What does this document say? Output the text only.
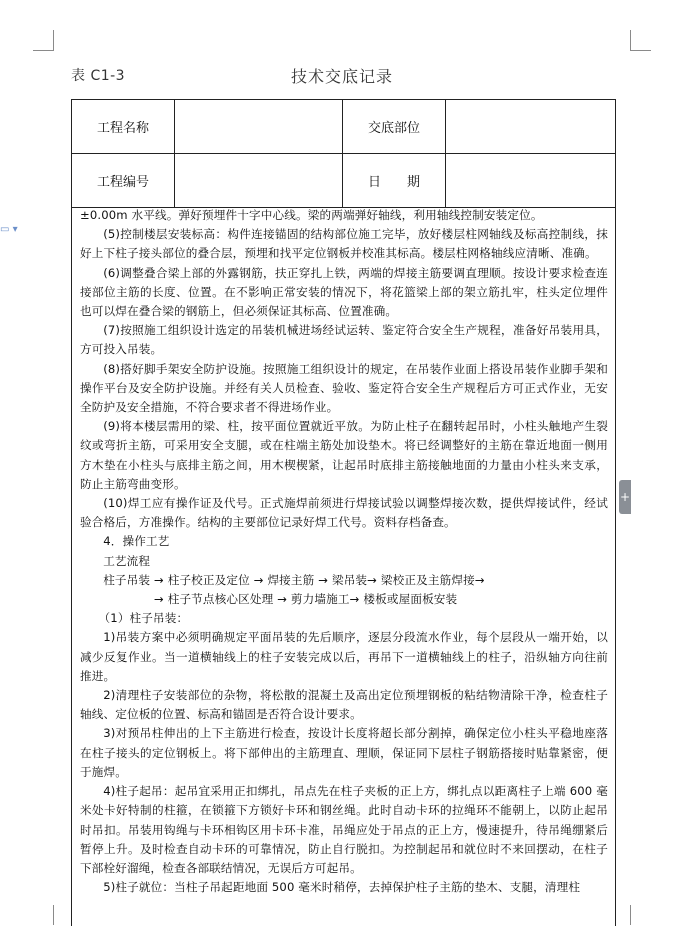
▭ ▾
表 C1-3	技术交底记录
工程名称		交底部位	
工程编号		日　　期	

±0.00m 水平线。弹好预埋件十字中心线。梁的两端弹好轴线，利用轴线控制安装定位。

(5)控制楼层安装标高：构件连接锚固的结构部位施工完毕，放好楼层柱网轴线及标高控制线，抹好上下柱子接头部位的叠合层，预埋和找平定位钢板并校准其标高。楼层柱网格轴线应清晰、准确。

(6)调整叠合梁上部的外露钢筋，扶正穿扎上铁，两端的焊接主筋要调直理顺。按设计要求检查连接部位主筋的长度、位置。在不影响正常安装的情况下，将花篮梁上部的架立筋扎牢，柱头定位埋件也可以焊在叠合梁的钢筋上，但必须保证其标高、位置准确。

(7)按照施工组织设计选定的吊装机械进场经试运转、鉴定符合安全生产规程，准备好吊装用具，方可投入吊装。

(8)搭好脚手架安全防护设施。按照施工组织设计的规定，在吊装作业面上搭设吊装作业脚手架和操作平台及安全防护设施。并经有关人员检查、验收、鉴定符合安全生产规程后方可正式作业，无安全防护及安全措施，不符合要求者不得进场作业。

(9)将本楼层需用的梁、柱，按平面位置就近平放。为防止柱子在翻转起吊时，小柱头触地产生裂纹或弯折主筋，可采用安全支腿，或在柱端主筋处加设垫木。将已经调整好的主筋在靠近地面一侧用方木垫在小柱头与底排主筋之间，用木楔楔紧，让起吊时底排主筋接触地面的力量由小柱头来支承，防止主筋弯曲变形。

(10)焊工应有操作证及代号。正式施焊前须进行焊接试验以调整焊接次数，提供焊接试件，经试验合格后，方准操作。结构的主要部位记录好焊工代号。资料存档备查。

4．操作工艺

工艺流程

柱子吊装 → 柱子校正及定位 → 焊接主筋 → 梁吊装→ 梁校正及主筋焊接→

→ 柱子节点核心区处理 → 剪力墙施工→ 楼板或屋面板安装

（1）柱子吊装：

1)吊装方案中必须明确规定平面吊装的先后顺序，逐层分段流水作业，每个层段从一端开始，以减少反复作业。当一道横轴线上的柱子安装完成以后，再吊下一道横轴线上的柱子，沿纵轴方向往前推进。

2)清理柱子安装部位的杂物，将松散的混凝土及高出定位预埋钢板的粘结物清除干净，检查柱子轴线、定位板的位置、标高和锚固是否符合设计要求。

3)对预吊柱伸出的上下主筋进行检查，按设计长度将超长部分割掉，确保定位小柱头平稳地座落在柱子接头的定位钢板上。将下部伸出的主筋理直、理顺，保证同下层柱子钢筋搭接时贴靠紧密，便于施焊。

4)柱子起吊：起吊宜采用正扣绑扎，吊点先在柱子夹板的正上方，绑扎点以距离柱子上端 600 毫米处卡好特制的柱箍，在锁箍下方锁好卡环和钢丝绳。此时自动卡环的拉绳环不能朝上，以防止起吊时吊扣。吊装用钩绳与卡环相钩区用卡环卡准，吊绳应处于吊点的正上方，慢速提升，待吊绳绷紧后暂停上升。及时检查自动卡环的可靠情况，防止自行脱扣。为控制起吊和就位时不来回摆动，在柱子下部栓好溜绳，检查各部联结情况，无误后方可起吊。

5)柱子就位：当柱子吊起距地面 500 毫米时稍停，去掉保护柱子主筋的垫木、支腿，清理柱

+
